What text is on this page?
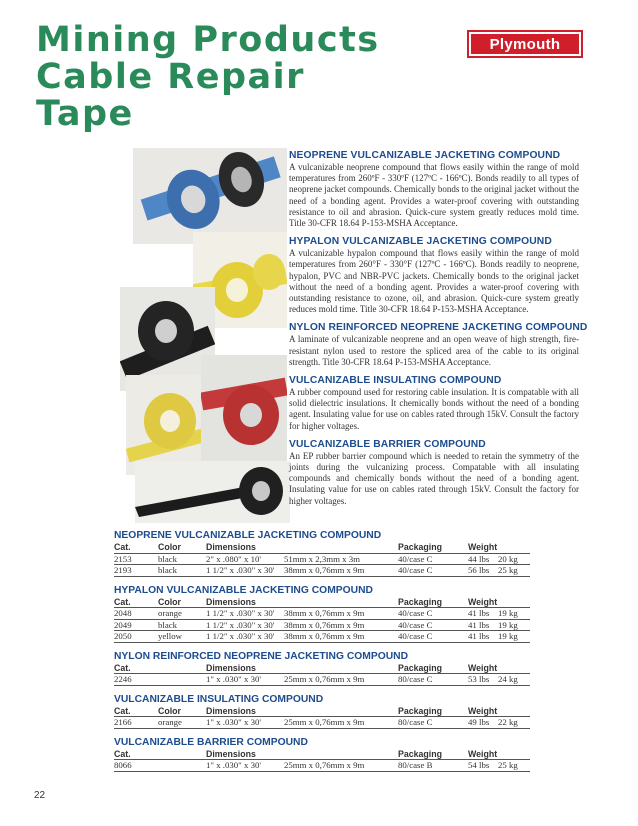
Mining Products
Cable Repair
Tape
Plymouth
NEOPRENE VULCANIZABLE JACKETING COMPOUND

A vulcanizable neoprene compound that flows easily within the range of mold temperatures from 260ºF - 330ºF (127ºC - 166ºC). Bonds readily to all types of neoprene jacket compounds. Chemically bonds to the original jacket without the need of a bonding agent. Provides a water-proof covering with outstanding resistance to oil and abrasion. Quick-cure system greatly reduces mold time. Title 30-CFR 18.64 P-153-MSHA Acceptance.

HYPALON VULCANIZABLE JACKETING COMPOUND

A vulcanizable hypalon compound that flows easily within the range of mold temperatures from 260°F - 330°F (127ºC - 166ºC). Bonds readily to neoprene, hypalon, PVC and NBR-PVC jackets. Chemically bonds to the original jacket without the need of a bonding agent. Provides a water-proof covering with outstanding resistance to ozone, oil, and abrasion. Quick-cure system greatly reduces mold time. Title 30-CFR 18.64 P-153-MSHA Acceptance.

NYLON REINFORCED NEOPRENE JACKETING COMPOUND

A laminate of vulcanizable neoprene and an open weave of high strength, fire-resistant nylon used to restore the spliced area of the cable to its original strength. Title 30-CFR 18.64 P-153-MSHA Acceptance.

VULCANIZABLE INSULATING COMPOUND

A rubber compound used for restoring cable insulation. It is compatable with all solid dielectric insulations. It chemically bonds without the need of a bonding agent. Insulating value for use on cables rated through 15kV. Consult the factory for higher voltages.

VULCANIZABLE BARRIER COMPOUND

An EP rubber barrier compound which is needed to retain the symmetry of the joints during the vulcanizing process. Compatable with all insulating compounds and chemically bonds without the need of a bonding agent. Insulating value for use on cables rated through 15kV. Consult the factory for higher voltages.

NEOPRENE VULCANIZABLE JACKETING COMPOUND
Cat.	Color	Dimensions		Packaging	Weight	
2153	black	2" x .080" x 10'	51mm x 2,3mm x 3m	40/case C	44 lbs	20 kg
2193	black	1 1/2" x .030" x 30'	38mm x 0,76mm x 9m	40/case C	56 lbs	25 kg
HYPALON VULCANIZABLE JACKETING COMPOUND
Cat.	Color	Dimensions		Packaging	Weight	
2048	orange	1 1/2" x .030" x 30'	38mm x 0,76mm x 9m	40/case C	41 lbs	19 kg
2049	black	1 1/2" x .030" x 30'	38mm x 0,76mm x 9m	40/case C	41 lbs	19 kg
2050	yellow	1 1/2" x .030" x 30'	38mm x 0,76mm x 9m	40/case C	41 lbs	19 kg
NYLON REINFORCED NEOPRENE JACKETING COMPOUND
Cat.		Dimensions		Packaging	Weight	
2246		1" x .030" x 30'	25mm x 0,76mm x 9m	80/case C	53 lbs	24 kg
VULCANIZABLE INSULATING COMPOUND
Cat.	Color	Dimensions		Packaging	Weight	
2166	orange	1" x .030" x 30'	25mm x 0,76mm x 9m	80/case C	49 lbs	22 kg
VULCANIZABLE BARRIER COMPOUND
Cat.		Dimensions		Packaging	Weight	
8066		1" x .030" x 30'	25mm x 0,76mm x 9m	80/case B	54 lbs	25 kg
22
